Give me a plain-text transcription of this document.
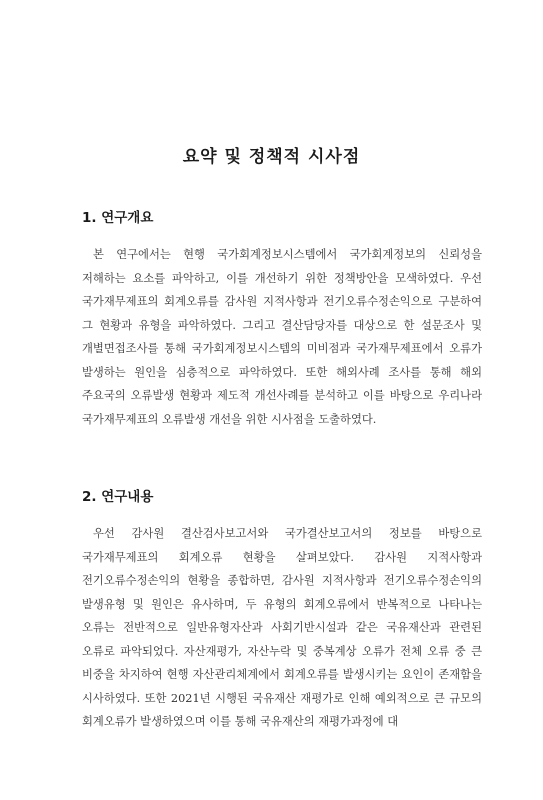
요약 및 정책적 시사점
1. 연구개요

본 연구에서는 현행 국가회계정보시스템에서 국가회계정보의 신뢰성을 저해하는 요소를 파악하고, 이를 개선하기 위한 정책방안을 모색하였다. 우선 국가재무제표의 회계오류를 감사원 지적사항과 전기오류수정손익으로 구분하여 그 현황과 유형을 파악하였다. 그리고 결산담당자를 대상으로 한 설문조사 및 개별면접조사를 통해 국가회계정보시스템의 미비점과 국가재무제표에서 오류가 발생하는 원인을 심층적으로 파악하였다. 또한 해외사례 조사를 통해 해외 주요국의 오류발생 현황과 제도적 개선사례를 분석하고 이를 바탕으로 우리나라 국가재무제표의 오류발생 개선을 위한 시사점을 도출하였다.

2. 연구내용

우선 감사원 결산검사보고서와 국가결산보고서의 정보를 바탕으로 국가재무제표의 회계오류 현황을 살펴보았다. 감사원 지적사항과 전기오류수정손익의 현황을 종합하면, 감사원 지적사항과 전기오류수정손익의 발생유형 및 원인은 유사하며, 두 유형의 회계오류에서 반복적으로 나타나는 오류는 전반적으로 일반유형자산과 사회기반시설과 같은 국유재산과 관련된 오류로 파악되었다. 자산재평가, 자산누락 및 중복계상 오류가 전체 오류 중 큰 비중을 차지하여 현행 자산관리체계에서 회계오류를 발생시키는 요인이 존재함을 시사하였다. 또한 2021년 시행된 국유재산 재평가로 인해 예외적으로 큰 규모의 회계오류가 발생하였으며 이를 통해 국유재산의 재평가과정에 대
